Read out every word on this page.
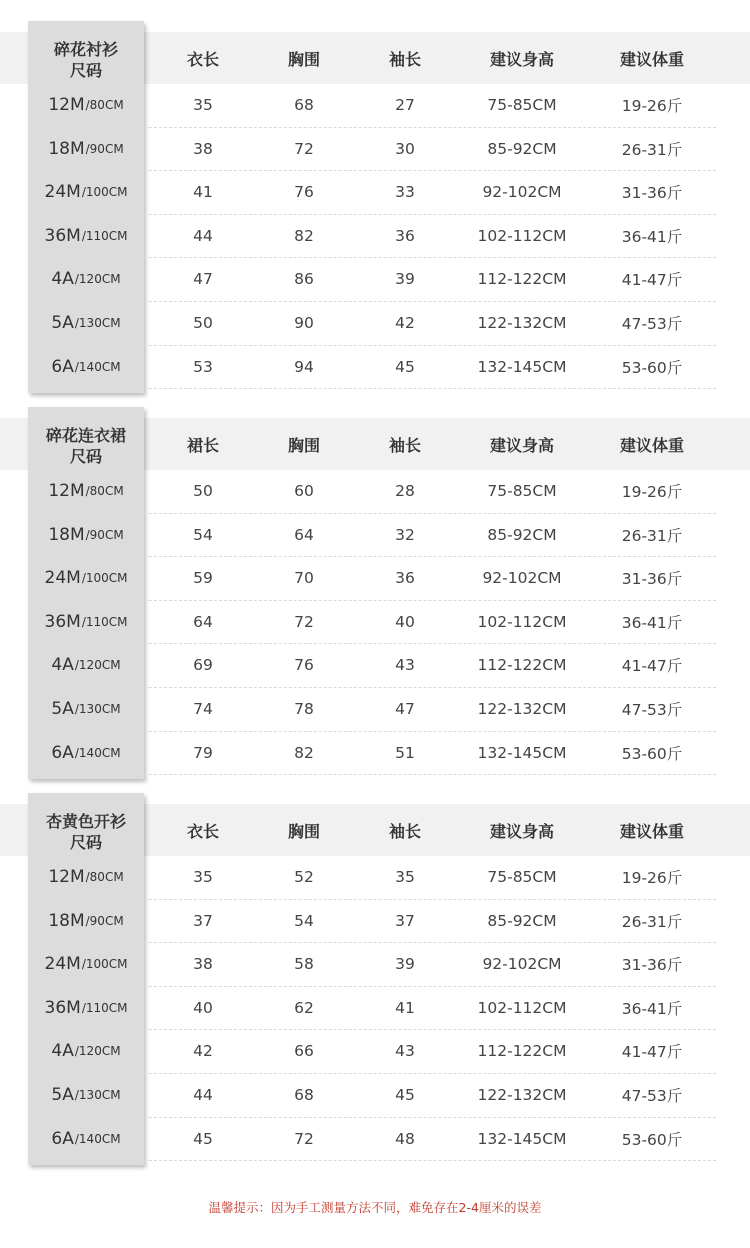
碎花衬衫
尺码
衣长	胸围	袖长	建议身高	建议体重
12M /80CM	35	68	27	75-85CM	19-26斤
18M /90CM	38	72	30	85-92CM	26-31斤
24M /100CM	41	76	33	92-102CM	31-36斤
36M /110CM	44	82	36	102-112CM	36-41斤
4A /120CM	47	86	39	112-122CM	41-47斤
5A /130CM	50	90	42	122-132CM	47-53斤
6A /140CM	53	94	45	132-145CM	53-60斤
碎花连衣裙
尺码
裙长	胸围	袖长	建议身高	建议体重
12M /80CM	50	60	28	75-85CM	19-26斤
18M /90CM	54	64	32	85-92CM	26-31斤
24M /100CM	59	70	36	92-102CM	31-36斤
36M /110CM	64	72	40	102-112CM	36-41斤
4A /120CM	69	76	43	112-122CM	41-47斤
5A /130CM	74	78	47	122-132CM	47-53斤
6A /140CM	79	82	51	132-145CM	53-60斤
杏黄色开衫
尺码
衣长	胸围	袖长	建议身高	建议体重
12M /80CM	35	52	35	75-85CM	19-26斤
18M /90CM	37	54	37	85-92CM	26-31斤
24M /100CM	38	58	39	92-102CM	31-36斤
36M /110CM	40	62	41	102-112CM	36-41斤
4A /120CM	42	66	43	112-122CM	41-47斤
5A /130CM	44	68	45	122-132CM	47-53斤
6A /140CM	45	72	48	132-145CM	53-60斤
温馨提示：因为手工测量方法不同，难免存在2-4厘米的误差
